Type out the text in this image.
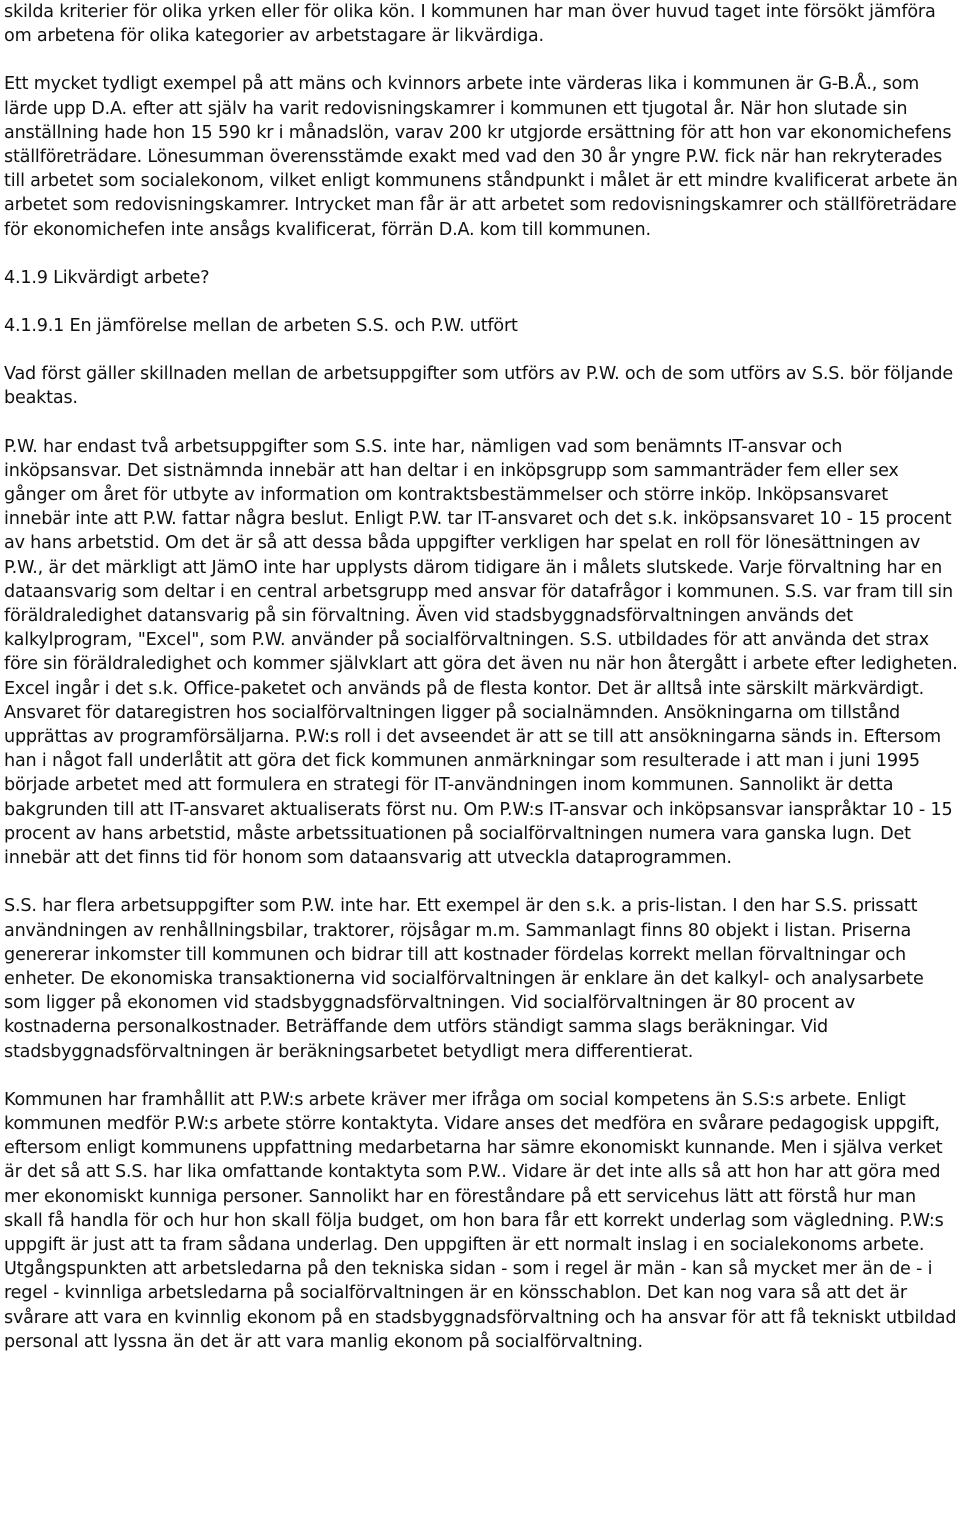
skilda kriterier för olika yrken eller för olika kön. I kommunen har man över huvud taget inte försökt jämföra om arbetena för olika kategorier av arbetstagare är likvärdiga.

Ett mycket tydligt exempel på att mäns och kvinnors arbete inte värderas lika i kommunen är G-B.Å., som lärde upp D.A. efter att själv ha varit redovisningskamrer i kommunen ett tjugotal år. När hon slutade sin anställning hade hon 15 590 kr i månadslön, varav 200 kr utgjorde ersättning för att hon var ekonomichefens ställföreträdare. Lönesumman överensstämde exakt med vad den 30 år yngre P.W. fick när han rekryterades till arbetet som socialekonom, vilket enligt kommunens ståndpunkt i målet är ett mindre kvalificerat arbete än arbetet som redovisningskamrer. Intrycket man får är att arbetet som redovisningskamrer och ställföreträdare för ekonomichefen inte ansågs kvalificerat, förrän D.A. kom till kommunen.

4.1.9 Likvärdigt arbete?

4.1.9.1 En jämförelse mellan de arbeten S.S. och P.W. utfört

Vad först gäller skillnaden mellan de arbetsuppgifter som utförs av P.W. och de som utförs av S.S. bör följande beaktas.

P.W. har endast två arbetsuppgifter som S.S. inte har, nämligen vad som benämnts IT-ansvar och inköpsansvar. Det sistnämnda innebär att han deltar i en inköpsgrupp som sammanträder fem eller sex gånger om året för utbyte av information om kontraktsbestämmelser och större inköp. Inköpsansvaret innebär inte att P.W. fattar några beslut. Enligt P.W. tar IT-ansvaret och det s.k. inköpsansvaret 10 - 15 procent av hans arbetstid. Om det är så att dessa båda uppgifter verkligen har spelat en roll för lönesättningen av P.W., är det märkligt att JämO inte har upplysts därom tidigare än i målets slutskede. Varje förvaltning har en dataansvarig som deltar i en central arbetsgrupp med ansvar för datafrågor i kommunen. S.S. var fram till sin föräldraledighet datansvarig på sin förvaltning. Även vid stadsbyggnadsförvaltningen används det kalkylprogram, "Excel", som P.W. använder på socialförvaltningen. S.S. utbildades för att använda det strax före sin föräldraledighet och kommer självklart att göra det även nu när hon återgått i arbete efter ledigheten. Excel ingår i det s.k. Office-paketet och används på de flesta kontor. Det är alltså inte särskilt märkvärdigt. Ansvaret för dataregistren hos socialförvaltningen ligger på socialnämnden. Ansökningarna om tillstånd upprättas av programförsäljarna. P.W:s roll i det avseendet är att se till att ansökningarna sänds in. Eftersom han i något fall underlåtit att göra det fick kommunen anmärkningar som resulterade i att man i juni 1995 började arbetet med att formulera en strategi för IT-användningen inom kommunen. Sannolikt är detta bakgrunden till att IT-ansvaret aktualiserats först nu. Om P.W:s IT-ansvar och inköpsansvar ianspråktar 10 - 15 procent av hans arbetstid, måste arbetssituationen på socialförvaltningen numera vara ganska lugn. Det innebär att det finns tid för honom som dataansvarig att utveckla dataprogrammen.

S.S. har flera arbetsuppgifter som P.W. inte har. Ett exempel är den s.k. a pris-listan. I den har S.S. prissatt användningen av renhållningsbilar, traktorer, röjsågar m.m. Sammanlagt finns 80 objekt i listan. Priserna genererar inkomster till kommunen och bidrar till att kostnader fördelas korrekt mellan förvaltningar och enheter. De ekonomiska transaktionerna vid socialförvaltningen är enklare än det kalkyl- och analysarbete som ligger på ekonomen vid stadsbyggnadsförvaltningen. Vid socialförvaltningen är 80 procent av kostnaderna personalkostnader. Beträffande dem utförs ständigt samma slags beräkningar. Vid stadsbyggnadsförvaltningen är beräkningsarbetet betydligt mera differentierat.

Kommunen har framhållit att P.W:s arbete kräver mer ifråga om social kompetens än S.S:s arbete. Enligt kommunen medför P.W:s arbete större kontaktyta. Vidare anses det medföra en svårare pedagogisk uppgift, eftersom enligt kommunens uppfattning medarbetarna har sämre ekonomiskt kunnande. Men i själva verket är det så att S.S. har lika omfattande kontaktyta som P.W.. Vidare är det inte alls så att hon har att göra med mer ekonomiskt kunniga personer. Sannolikt har en föreståndare på ett servicehus lätt att förstå hur man skall få handla för och hur hon skall följa budget, om hon bara får ett korrekt underlag som vägledning. P.W:s uppgift är just att ta fram sådana underlag. Den uppgiften är ett normalt inslag i en socialekonoms arbete. Utgångspunkten att arbetsledarna på den tekniska sidan - som i regel är män - kan så mycket mer än de - i regel - kvinnliga arbetsledarna på socialförvaltningen är en könsschablon. Det kan nog vara så att det är svårare att vara en kvinnlig ekonom på en stadsbyggnadsförvaltning och ha ansvar för att få tekniskt utbildad personal att lyssna än det är att vara manlig ekonom på socialförvaltning.
